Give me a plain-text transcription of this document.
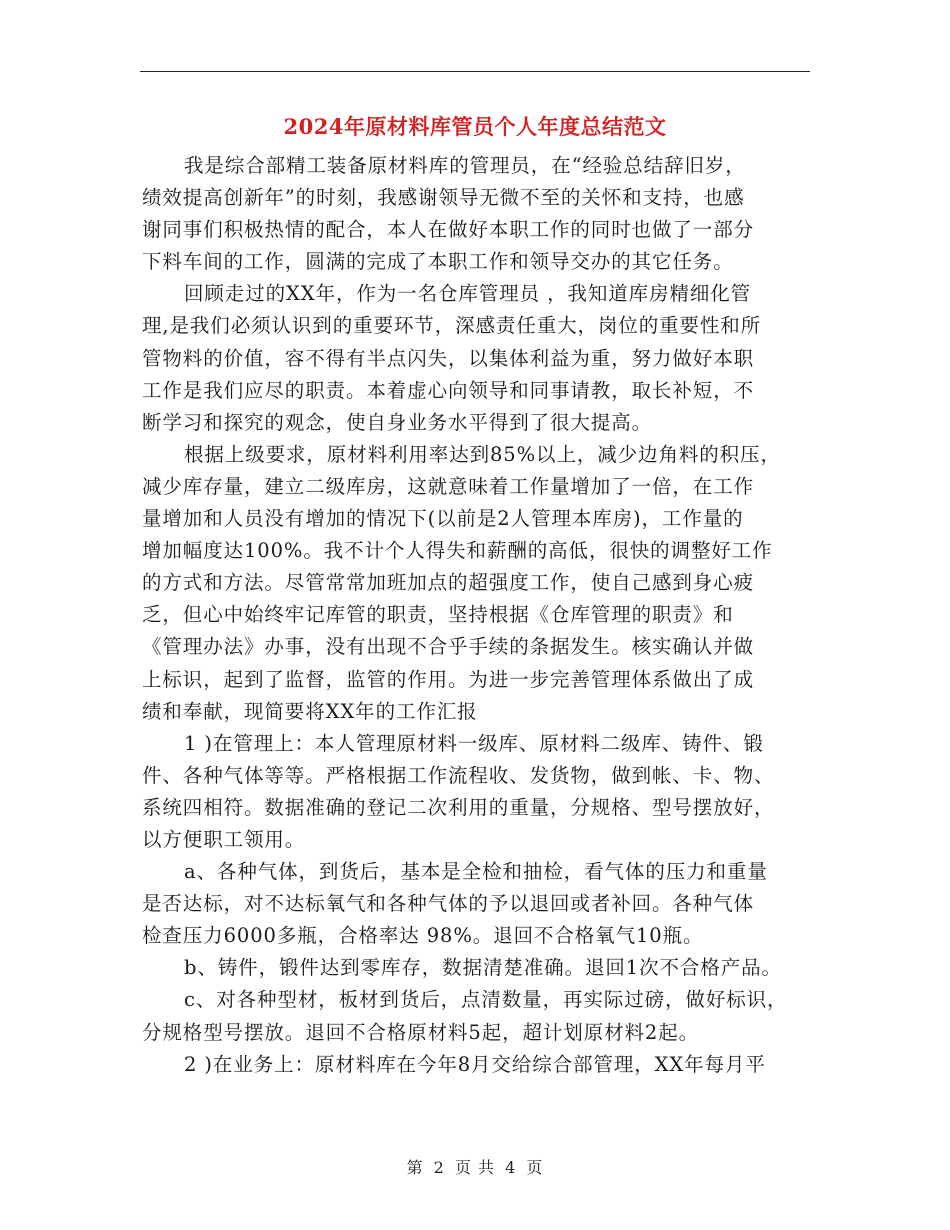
2024年原材料库管员个人年度总结范文
我是综合部精工装备原材料库的管理员，在“经验总结辞旧岁，
绩效提高创新年”的时刻，我感谢领导无微不至的关怀和支持，也感
谢同事们积极热情的配合，本人在做好本职工作的同时也做了一部分
下料车间的工作，圆满的完成了本职工作和领导交办的其它任务。
回顾走过的XX年，作为一名仓库管理员 ，我知道库房精细化管
理,是我们必须认识到的重要环节，深感责任重大，岗位的重要性和所
管物料的价值，容不得有半点闪失，以集体利益为重，努力做好本职
工作是我们应尽的职责。本着虚心向领导和同事请教，取长补短，不
断学习和探究的观念，使自身业务水平得到了很大提高。
根据上级要求，原材料利用率达到85%以上，减少边角料的积压，
减少库存量，建立二级库房，这就意味着工作量增加了一倍，在工作
量增加和人员没有增加的情况下(以前是2人管理本库房)，工作量的
增加幅度达100%。我不计个人得失和薪酬的高低，很快的调整好工作
的方式和方法。尽管常常加班加点的超强度工作，使自己感到身心疲
乏，但心中始终牢记库管的职责，坚持根据《仓库管理的职责》和
《管理办法》办事，没有出现不合乎手续的条据发生。核实确认并做
上标识，起到了监督，监管的作用。为进一步完善管理体系做出了成
绩和奉献，现简要将XX年的工作汇报
1 )在管理上：本人管理原材料一级库、原材料二级库、铸件、锻
件、各种气体等等。严格根据工作流程收、发货物，做到帐、卡、物、
系统四相符。数据准确的登记二次利用的重量，分规格、型号摆放好，
以方便职工领用。
a、各种气体，到货后，基本是全检和抽检，看气体的压力和重量
是否达标，对不达标氧气和各种气体的予以退回或者补回。各种气体
检查压力6000多瓶，合格率达 98%。退回不合格氧气10瓶。
b、铸件，锻件达到零库存，数据清楚准确。退回1次不合格产品。
c、对各种型材，板材到货后，点清数量，再实际过磅，做好标识，
分规格型号摆放。退回不合格原材料5起，超计划原材料2起。
2 )在业务上：原材料库在今年8月交给综合部管理，XX年每月平
第 2 页 共 4 页
